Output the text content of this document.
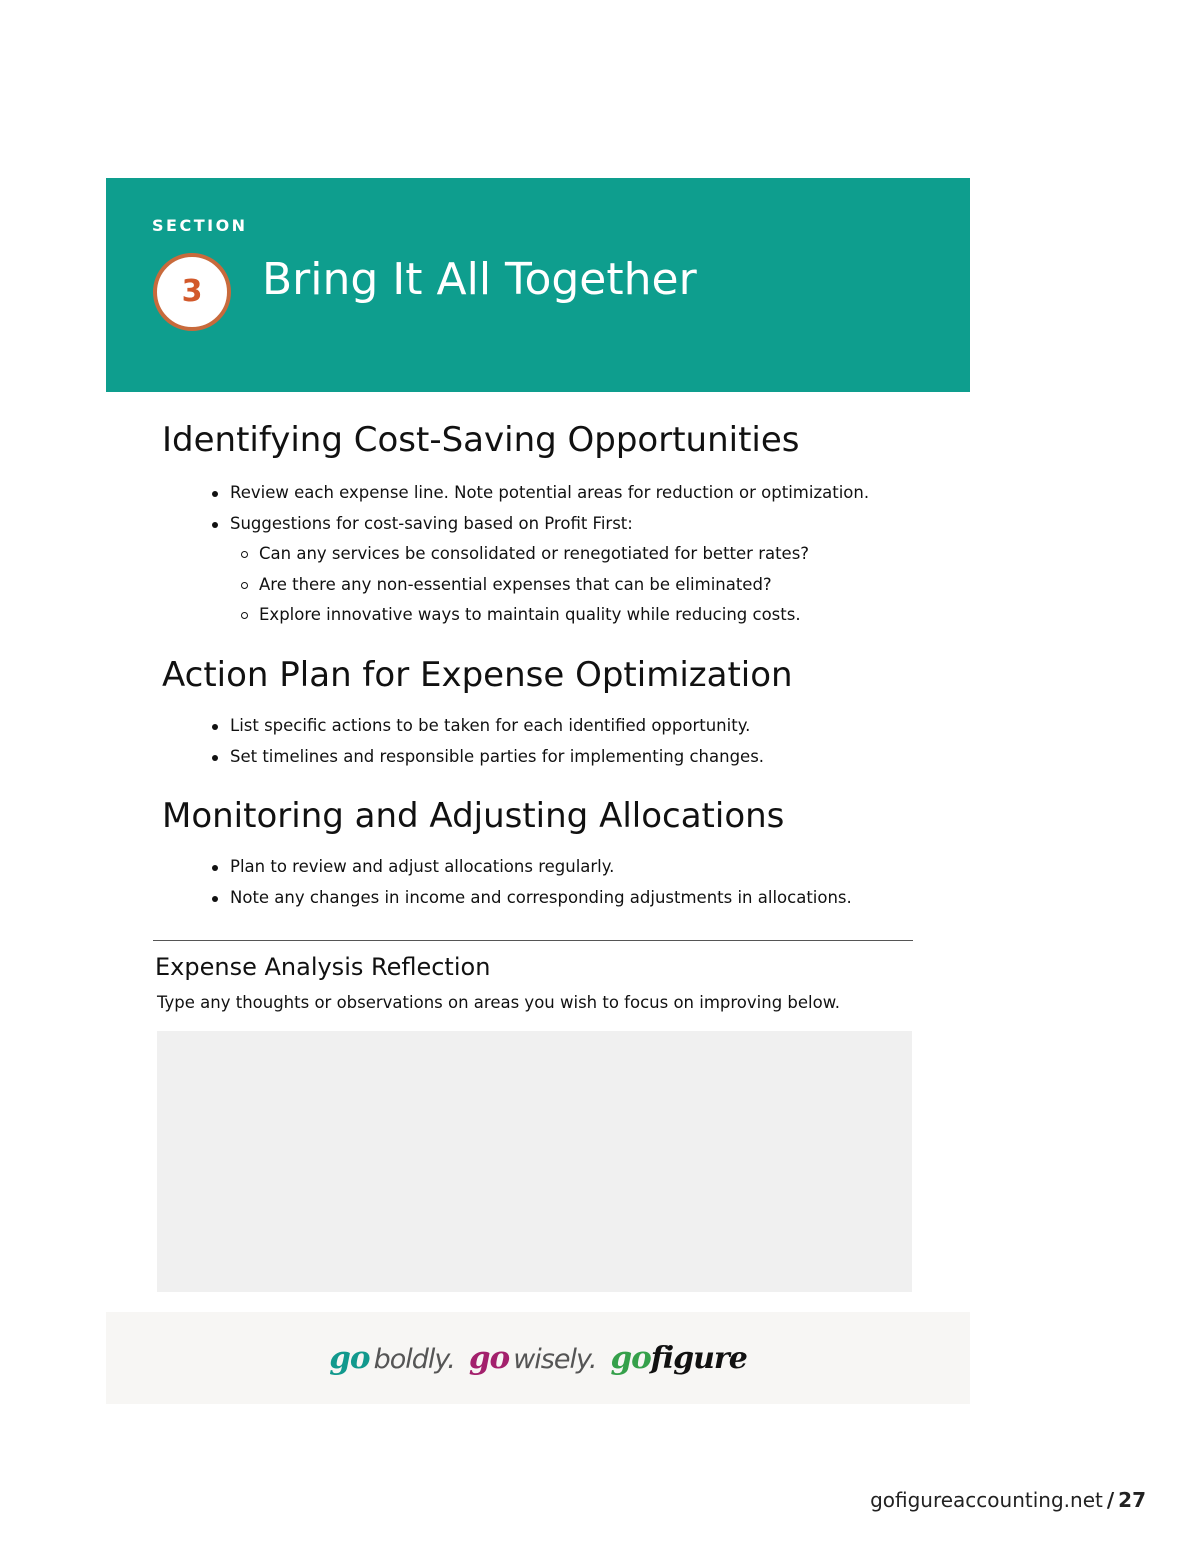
SECTION
3 Bring It All Together
Identifying Cost-Saving Opportunities
Review each expense line. Note potential areas for reduction or optimization.
Suggestions for cost-saving based on Profit First:
Can any services be consolidated or renegotiated for better rates?
Are there any non-essential expenses that can be eliminated?
Explore innovative ways to maintain quality while reducing costs.
Action Plan for Expense Optimization
List specific actions to be taken for each identified opportunity.
Set timelines and responsible parties for implementing changes.
Monitoring and Adjusting Allocations
Plan to review and adjust allocations regularly.
Note any changes in income and corresponding adjustments in allocations.
Expense Analysis Reflection
Type any thoughts or observations on areas you wish to focus on improving below.
go boldly. go wisely. go figure
gofigureaccounting.net / 27
